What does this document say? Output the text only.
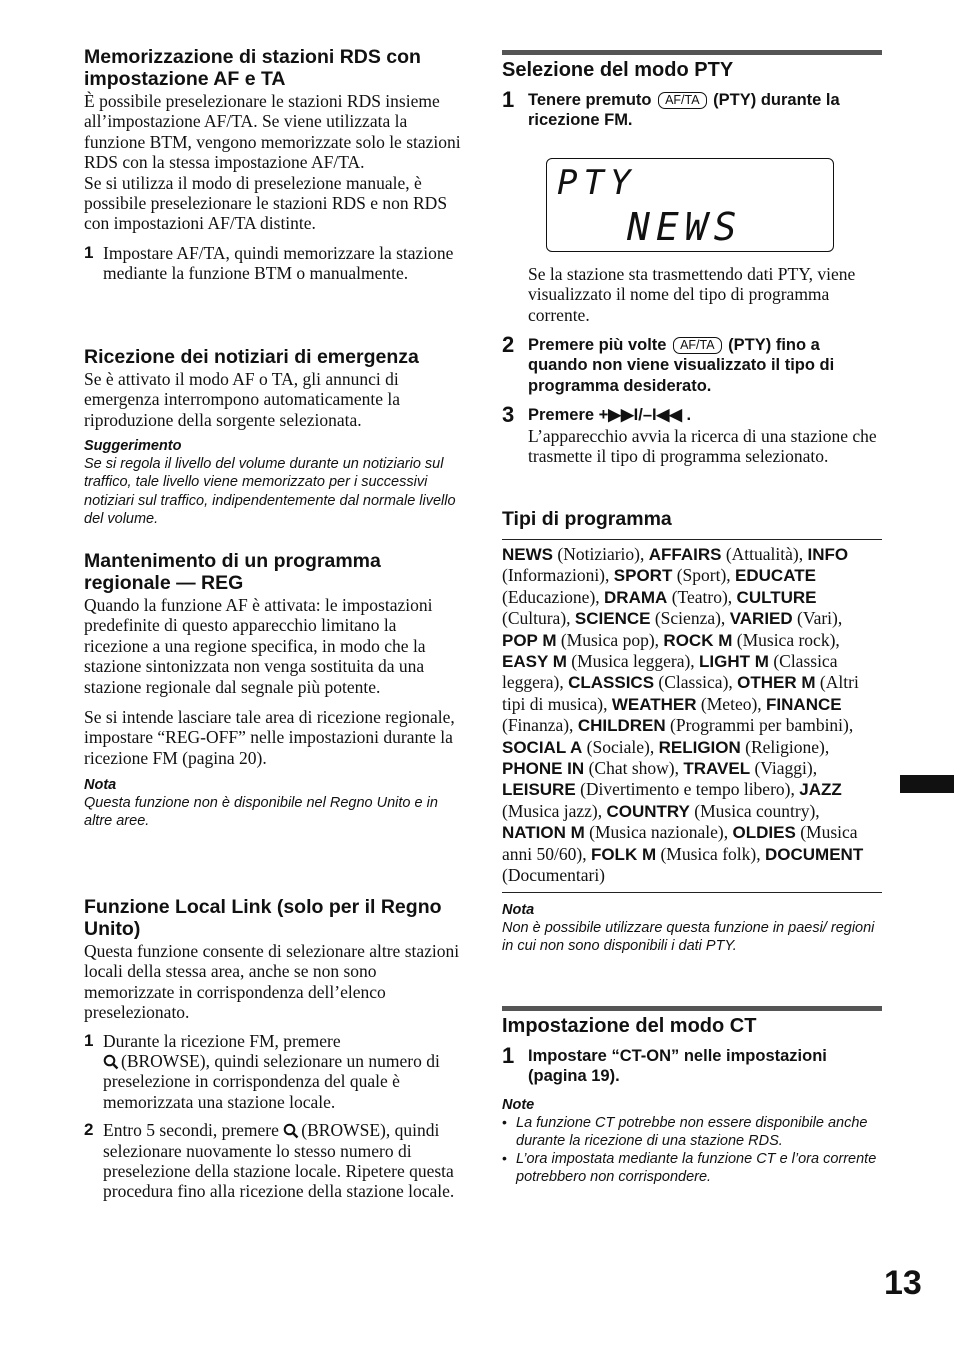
Memorizzazione di stazioni RDS con impostazione AF e TA

È possibile preselezionare le stazioni RDS insieme all’impostazione AF/TA. Se viene utilizzata la funzione BTM, vengono memorizzate solo le stazioni RDS con la stessa impostazione AF/TA.

Se si utilizza il modo di preselezione manuale, è possibile preselezionare le stazioni RDS e non RDS con impostazioni AF/TA distinte.

1 Impostare AF/TA, quindi memorizzare la stazione mediante la funzione BTM o manualmente.
Ricezione dei notiziari di emergenza

Se è attivato il modo AF o TA, gli annunci di emergenza interrompono automaticamente la riproduzione della sorgente selezionata.

Suggerimento

Se si regola il livello del volume durante un notiziario sul traffico, tale livello viene memorizzato per i successivi notiziari sul traffico, indipendentemente dal normale livello del volume.

Mantenimento di un programma regionale — REG

Quando la funzione AF è attivata: le impostazioni predefinite di questo apparecchio limitano la ricezione a una regione specifica, in modo che la stazione sintonizzata non venga sostituita da una stazione regionale dal segnale più potente.

Se si intende lasciare tale area di ricezione regionale, impostare “REG-OFF” nelle impostazioni durante la ricezione FM (pagina 20).

Nota

Questa funzione non è disponibile nel Regno Unito e in altre aree.

Funzione Local Link (solo per il Regno Unito)

Questa funzione consente di selezionare altre stazioni locali della stessa area, anche se non sono memorizzate in corrispondenza dell’elenco preselezionato.

1 Durante la ricezione FM, premere
(BROWSE), quindi selezionare un numero di preselezione in corrispondenza del quale è memorizzata una stazione locale.
2 Entro 5 secondi, premere (BROWSE), quindi selezionare nuovamente lo stesso numero di preselezione della stazione locale. Ripetere questa procedura fino alla ricezione della stazione locale.
Selezione del modo PTY
1 Tenere premuto AF/TA (PTY) durante la ricezione FM.
PTY
NEWS

Se la stazione sta trasmettendo dati PTY, viene visualizzato il nome del tipo di programma corrente.

2 Premere più volte AF/TA (PTY) fino a quando non viene visualizzato il tipo di programma desiderato.
3 Premere +▶▶I/–I◀◀ .

L’apparecchio avvia la ricerca di una stazione che trasmette il tipo di programma selezionato.

Tipi di programma

NEWS (Notiziario), AFFAIRS (Attualità), INFO (Informazioni), SPORT (Sport), EDUCATE (Educazione), DRAMA (Teatro), CULTURE (Cultura), SCIENCE (Scienza), VARIED (Vari), POP M (Musica pop), ROCK M (Musica rock), EASY M (Musica leggera), LIGHT M (Classica leggera), CLASSICS (Classica), OTHER M (Altri tipi di musica), WEATHER (Meteo), FINANCE (Finanza), CHILDREN (Programmi per bambini), SOCIAL A (Sociale), RELIGION (Religione), PHONE IN (Chat show), TRAVEL (Viaggi), LEISURE (Divertimento e tempo libero), JAZZ (Musica jazz), COUNTRY (Musica country), NATION M (Musica nazionale), OLDIES (Musica anni 50/60), FOLK M (Musica folk), DOCUMENT (Documentari)

Nota

Non è possibile utilizzare questa funzione in paesi/ regioni in cui non sono disponibili i dati PTY.

Impostazione del modo CT
1 Impostare “CT-ON” nelle impostazioni (pagina 19).
Note
• La funzione CT potrebbe non essere disponibile anche durante la ricezione di una stazione RDS.

• L’ora impostata mediante la funzione CT e l’ora corrente potrebbero non corrispondere.

13
